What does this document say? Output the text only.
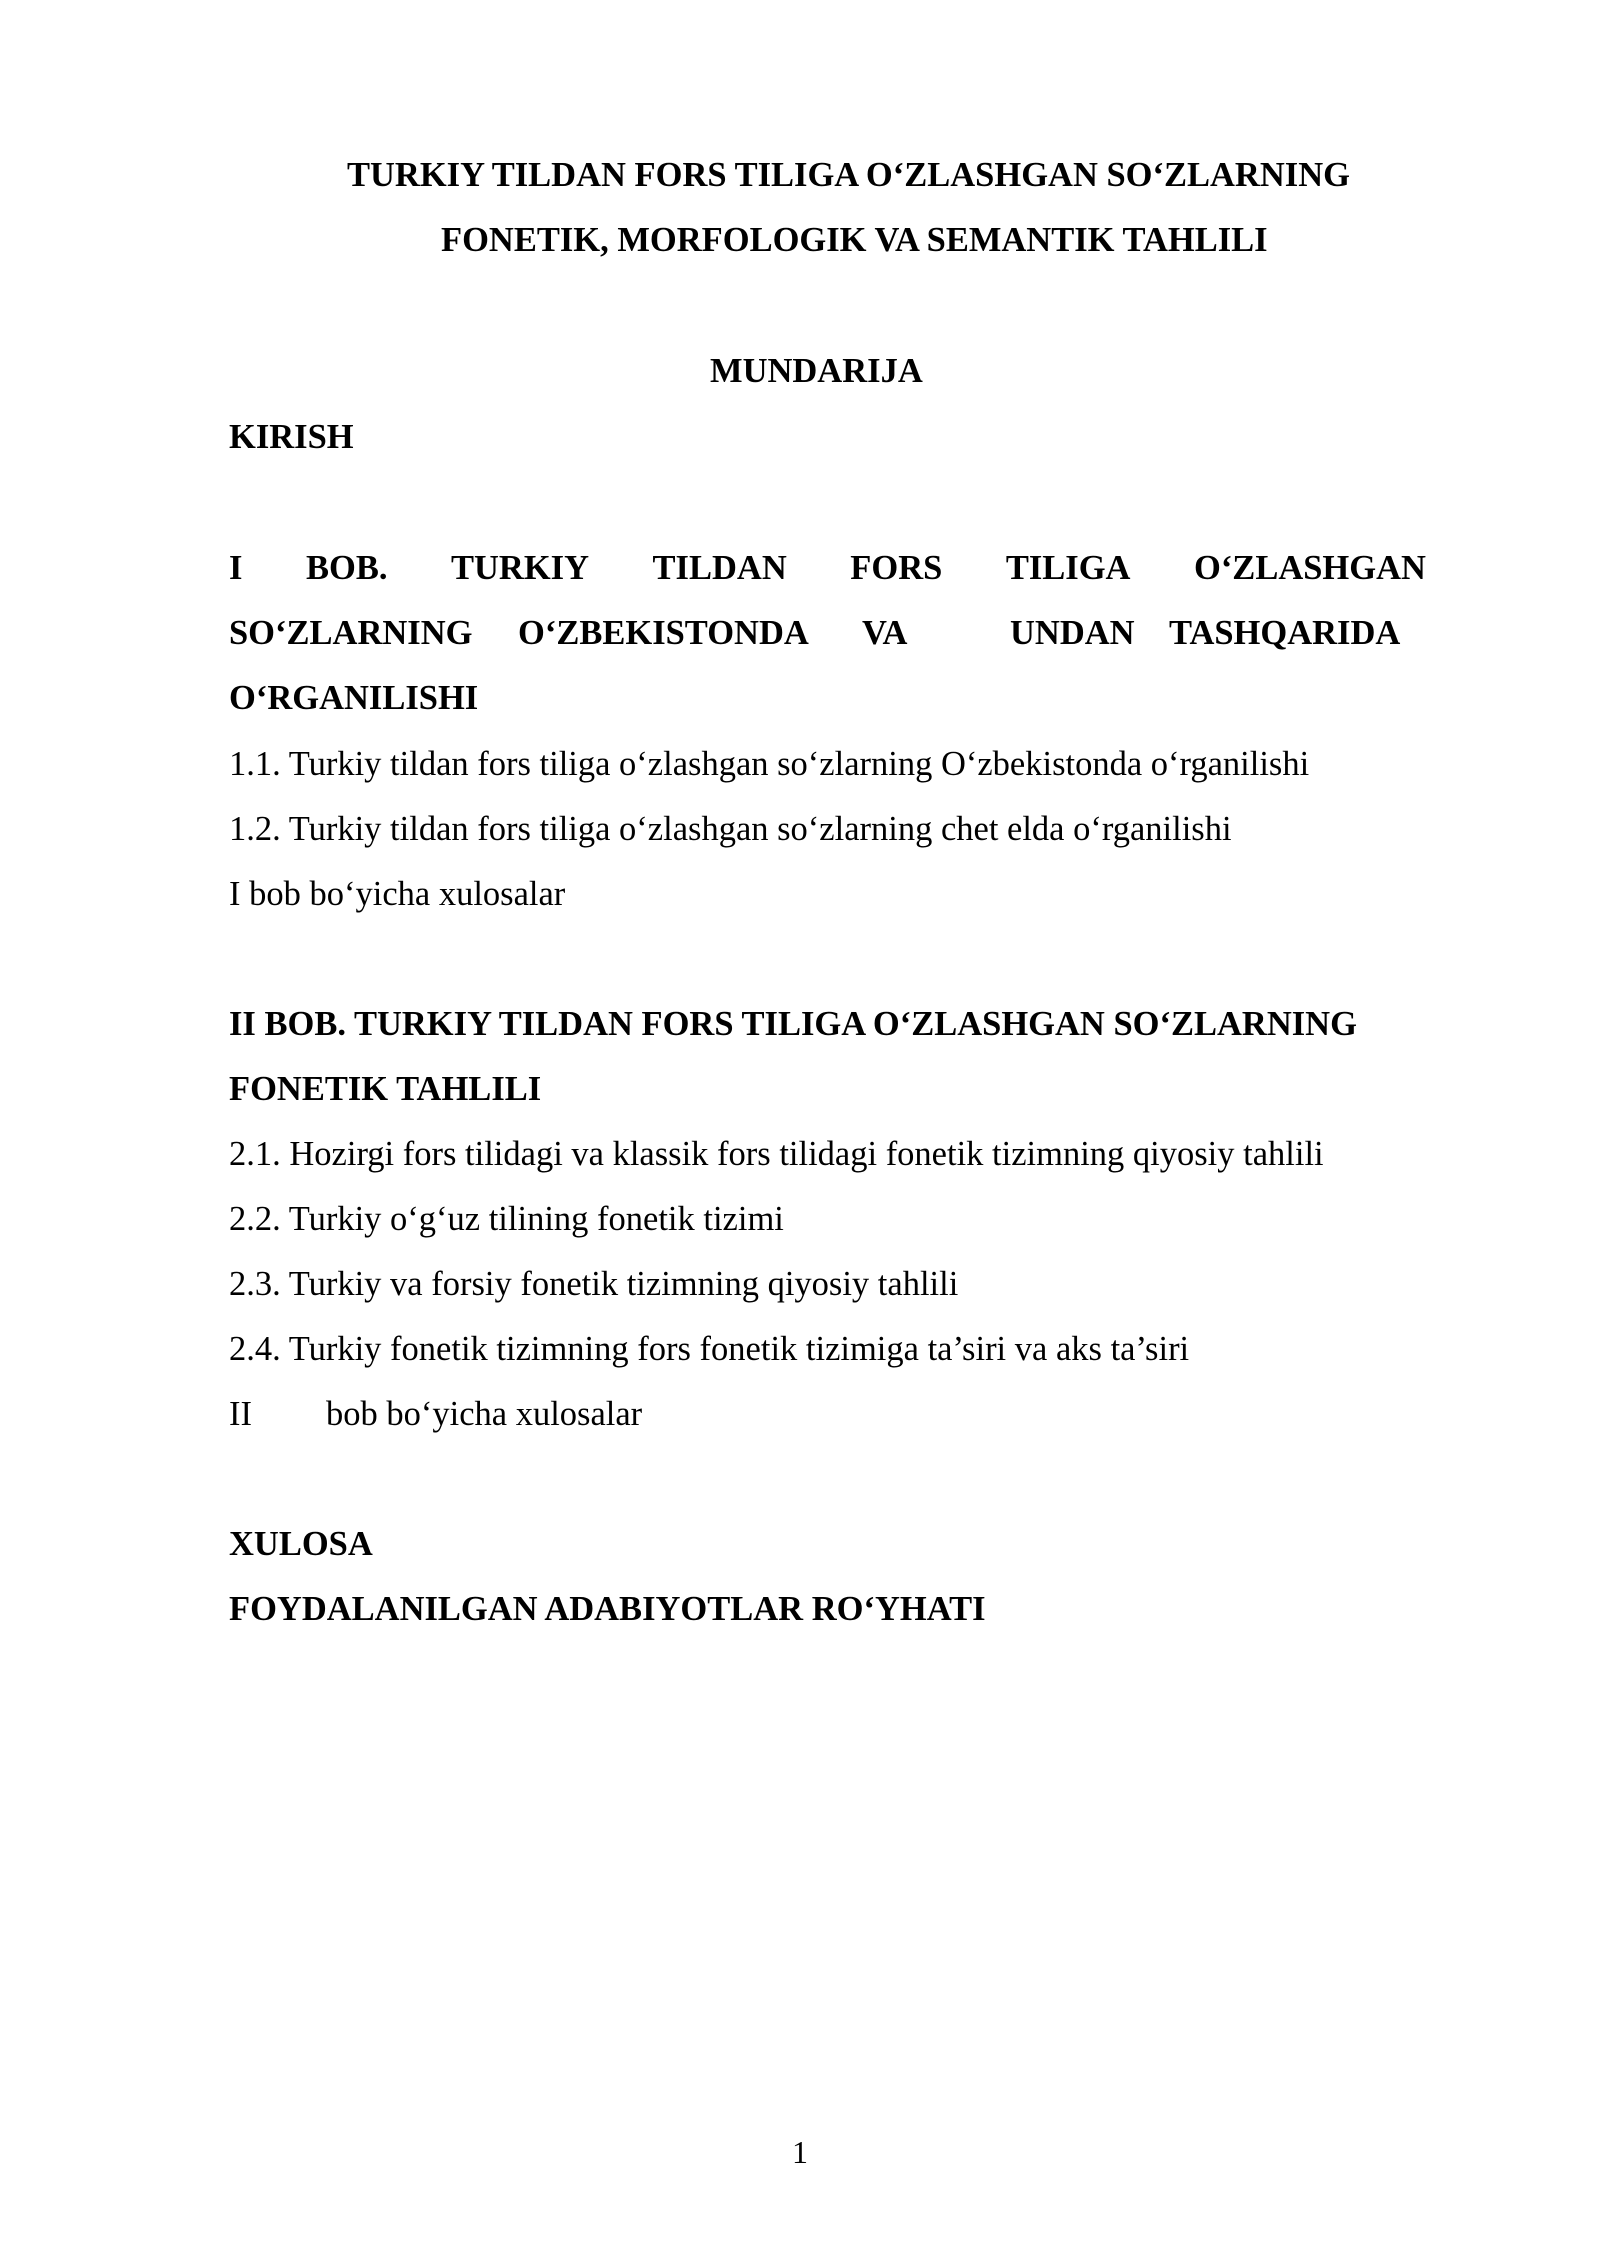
TURKIY TILDAN FORS TILIGA O‘ZLASHGAN SO‘ZLARNING
FONETIK, MORFOLOGIK VA SEMANTIK TAHLILI
MUNDARIJA
KIRISH
I BOB. TURKIY TILDAN FORS TILIGA O‘ZLASHGAN
SO‘ZLARNING O‘ZBEKISTONDA VA	UNDAN TASHQARIDA
O‘RGANILISHI
1.1. Turkiy tildan fors tiliga o‘zlashgan so‘zlarning O‘zbekistonda o‘rganilishi
1.2. Turkiy tildan fors tiliga o‘zlashgan so‘zlarning chet elda o‘rganilishi
I bob bo‘yicha xulosalar
II BOB. TURKIY TILDAN FORS TILIGA O‘ZLASHGAN SO‘ZLARNING
FONETIK TAHLILI
2.1. Hozirgi fors tilidagi va klassik fors tilidagi fonetik tizimning qiyosiy tahlili
2.2. Turkiy o‘g‘uz tilining fonetik tizimi
2.3. Turkiy va forsiy fonetik tizimning qiyosiy tahlili
2.4. Turkiy fonetik tizimning fors fonetik tizimiga ta’siri va aks ta’siri
II bob bo‘yicha xulosalar
XULOSA
FOYDALANILGAN ADABIYOTLAR RO‘YHATI
1
